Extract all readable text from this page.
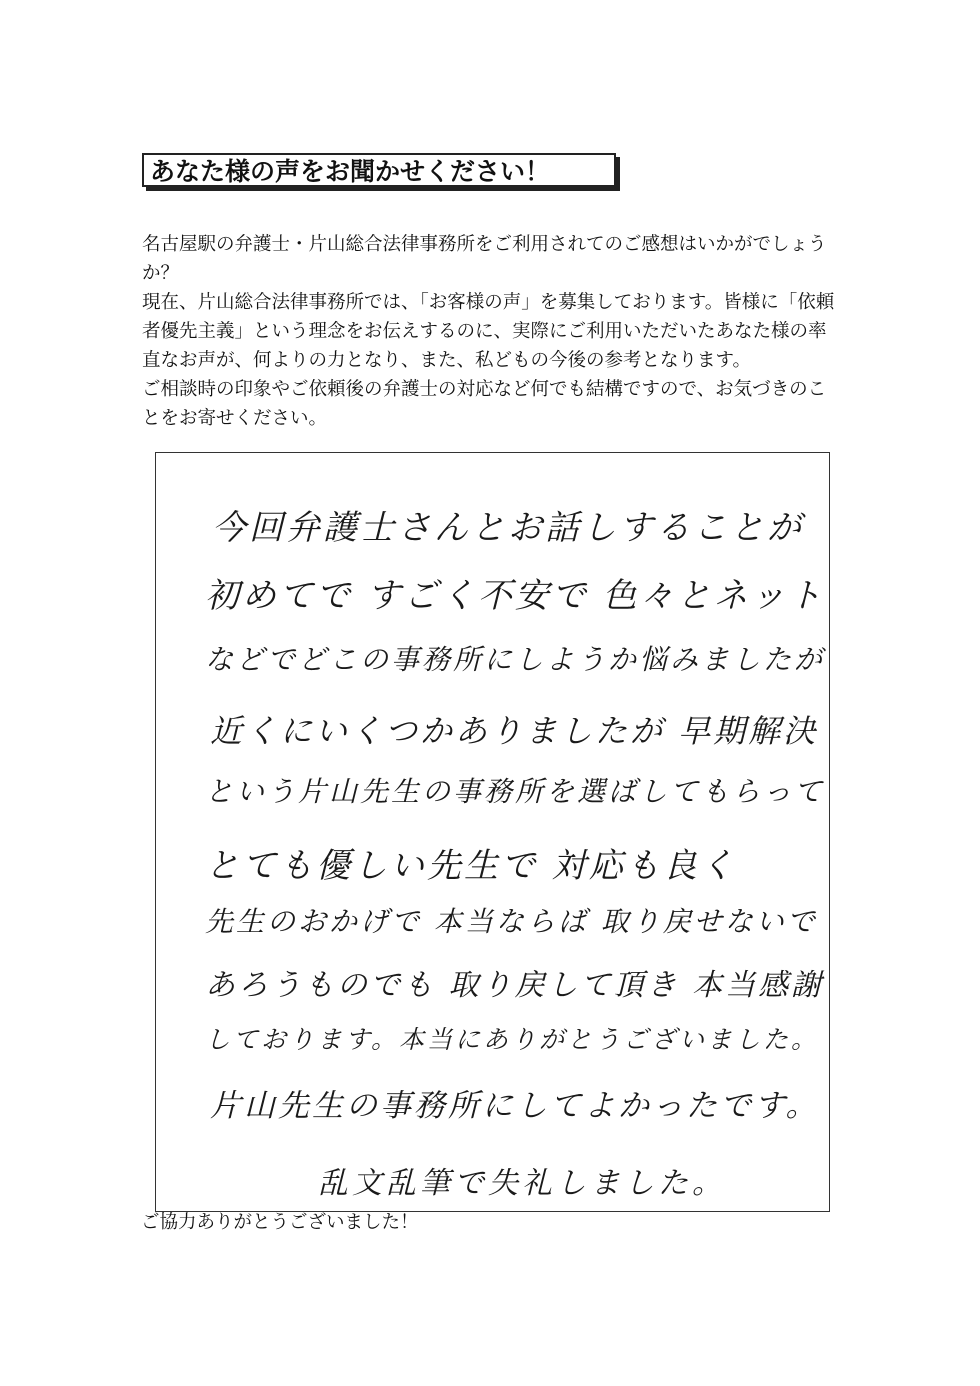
あなた様の声をお聞かせください！

名古屋駅の弁護士・片山総合法律事務所をご利用されてのご感想はいかがでしょうか？

現在、片山総合法律事務所では、「お客様の声」を募集しております。皆様に「依頼者優先主義」という理念をお伝えするのに、実際にご利用いただいたあなた様の率直なお声が、何よりの力となり、また、私どもの今後の参考となります。

ご相談時の印象やご依頼後の弁護士の対応など何でも結構ですので、お気づきのことをお寄せください。

今回弁護士さんとお話しすることが
初めてで すごく不安で 色々とネット
などでどこの事務所にしようか悩みましたが
近くにいくつかありましたが 早期解決
という片山先生の事務所を選ばしてもらって
とても優しい先生で 対応も良く
先生のおかげで 本当ならば 取り戻せないで
あろうものでも 取り戻して頂き 本当感謝
しております。本当にありがとうございました。
片山先生の事務所にしてよかったです。
乱文乱筆で失礼しました。
ご協力ありがとうございました！
